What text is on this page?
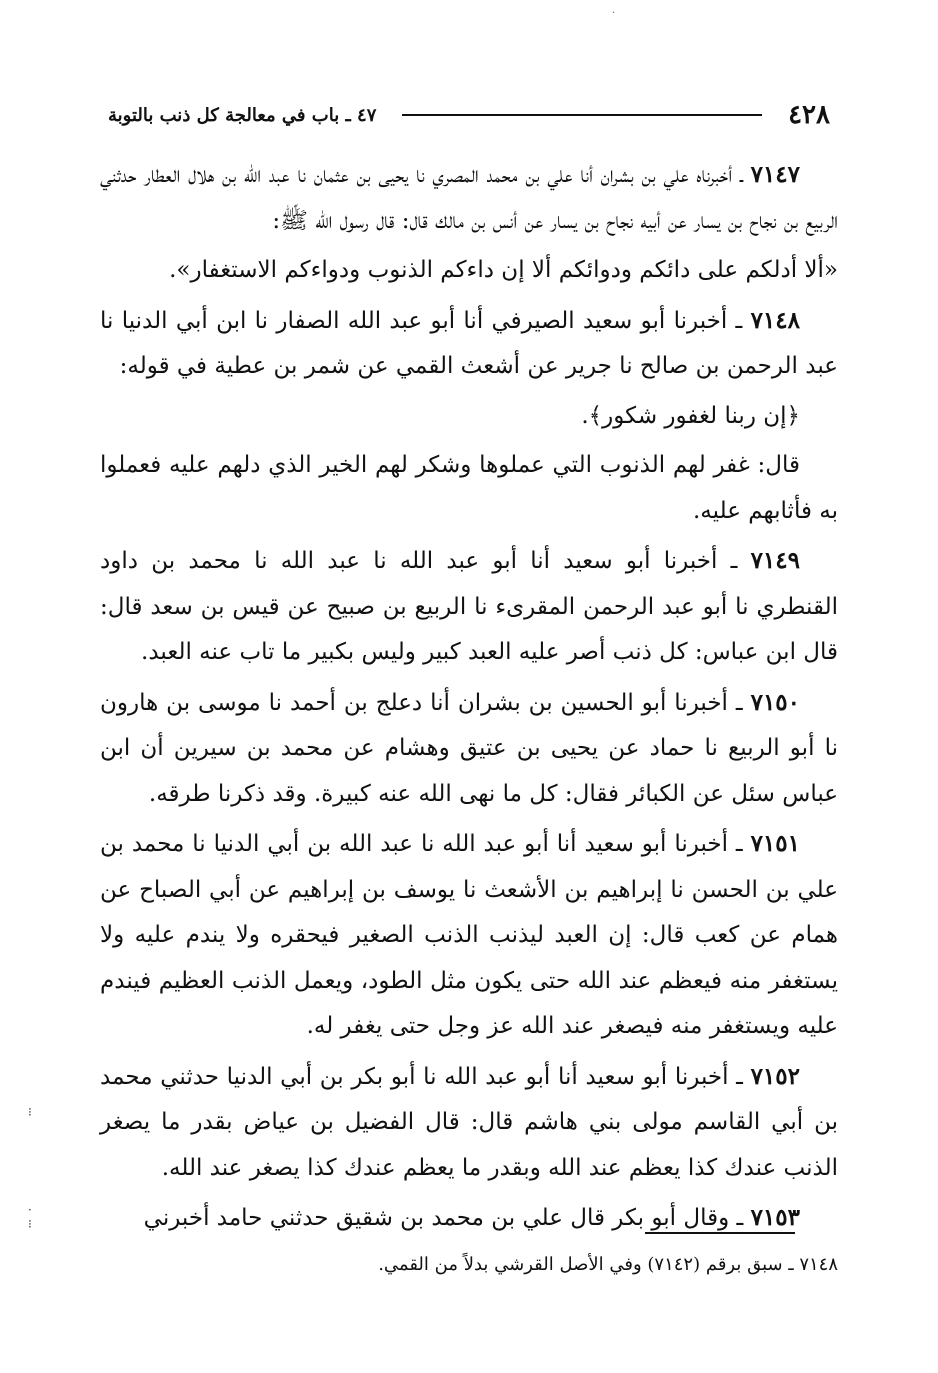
·
٤٢٨
٤٧ ـ باب في معالجة كل ذنب بالتوبة

٧١٤٧ ـ أخبرناه علي بن بشران أنا علي بن محمد المصري نا يحيى بن عثمان نا عبد الله بن هلال العطار حدثني الربيع بن نجاح بن يسار عن أبيه نجاح بن يسار عن أنس بن مالك قال: قال رسول الله ﷺ:

«ألا أدلكم على دائكم ودوائكم ألا إن داءكم الذنوب ودواءكم الاستغفار».

٧١٤٨ ـ أخبرنا أبو سعيد الصيرفي أنا أبو عبد الله الصفار نا ابن أبي الدنيا نا عبد الرحمن بن صالح نا جرير عن أشعث القمي عن شمر بن عطية في قوله:

﴿إن ربنا لغفور شكور﴾.

قال: غفر لهم الذنوب التي عملوها وشكر لهم الخير الذي دلهم عليه فعملوا به فأثابهم عليه.

٧١٤٩ ـ أخبرنا أبو سعيد أنا أبو عبد الله نا عبد الله نا محمد بن داود القنطري نا أبو عبد الرحمن المقرىء نا الربيع بن صبيح عن قيس بن سعد قال: قال ابن عباس: كل ذنب أصر عليه العبد كبير وليس بكبير ما تاب عنه العبد.

٧١٥٠ ـ أخبرنا أبو الحسين بن بشران أنا دعلج بن أحمد نا موسى بن هارون نا أبو الربيع نا حماد عن يحيى بن عتيق وهشام عن محمد بن سيرين أن ابن عباس سئل عن الكبائر فقال: كل ما نهى الله عنه كبيرة. وقد ذكرنا طرقه.

٧١٥١ ـ أخبرنا أبو سعيد أنا أبو عبد الله نا عبد الله بن أبي الدنيا نا محمد بن علي بن الحسن نا إبراهيم بن الأشعث نا يوسف بن إبراهيم عن أبي الصباح عن همام عن كعب قال: إن العبد ليذنب الذنب الصغير فيحقره ولا يندم عليه ولا يستغفر منه فيعظم عند الله حتى يكون مثل الطود، ويعمل الذنب العظيم فيندم عليه ويستغفر منه فيصغر عند الله عز وجل حتى يغفر له.

٧١٥٢ ـ أخبرنا أبو سعيد أنا أبو عبد الله نا أبو بكر بن أبي الدنيا حدثني محمد بن أبي القاسم مولى بني هاشم قال: قال الفضيل بن عياض بقدر ما يصغر الذنب عندك كذا يعظم عند الله وبقدر ما يعظم عندك كذا يصغر عند الله.

٧١٥٣ ـ وقال أبو بكر قال علي بن محمد بن شقيق حدثني حامد أخبرني

٧١٤٨ ـ سبق برقم (٧١٤٢) وفي الأصل القرشي بدلاً من القمي.
⁝

·
⁝
